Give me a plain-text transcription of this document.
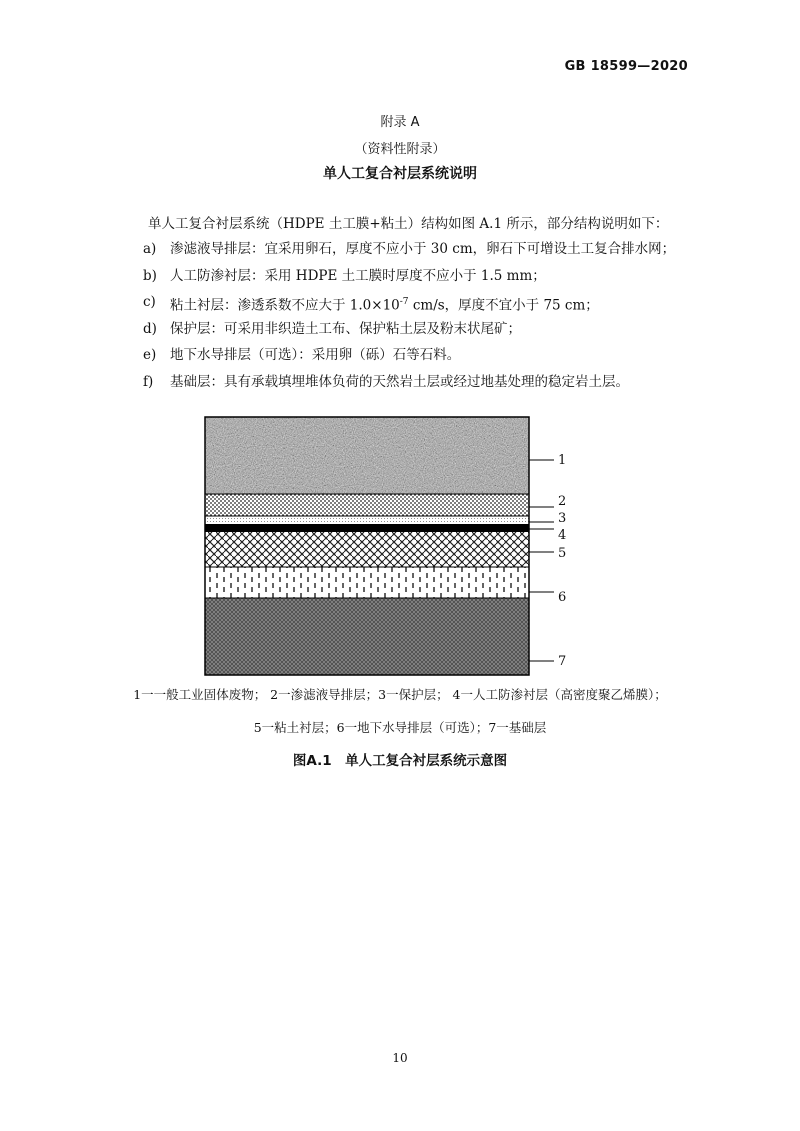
GB 18599—2020
附录 A
（资料性附录）
单人工复合衬层系统说明
单人工复合衬层系统（HDPE 土工膜+粘土）结构如图 A.1 所示，部分结构说明如下：
a)	渗滤液导排层：宜采用卵石，厚度不应小于 30 cm，卵石下可增设土工复合排水网；
b) 人工防渗衬层：采用 HDPE 土工膜时厚度不应小于 1.5 mm；
c)	粘土衬层：渗透系数不应大于 $1.0\times 10^{-7}$ cm/s，厚度不宜小于 75 cm；
d) 保护层：可采用非织造土工布、保护粘土层及粉末状尾矿；
e)	地下水导排层（可选）：采用卵（砾）石等石料。
f)	基础层：具有承载填埋堆体负荷的天然岩土层或经过地基处理的稳定岩土层。
1
2
3
4
5
6
7
1一一般工业固体废物； 2一渗滤液导排层；3一保护层； 4一人工防渗衬层（高密度聚乙烯膜）；
5一粘土衬层；6一地下水导排层（可选）；7一基础层
图A.1　单人工复合衬层系统示意图
10
